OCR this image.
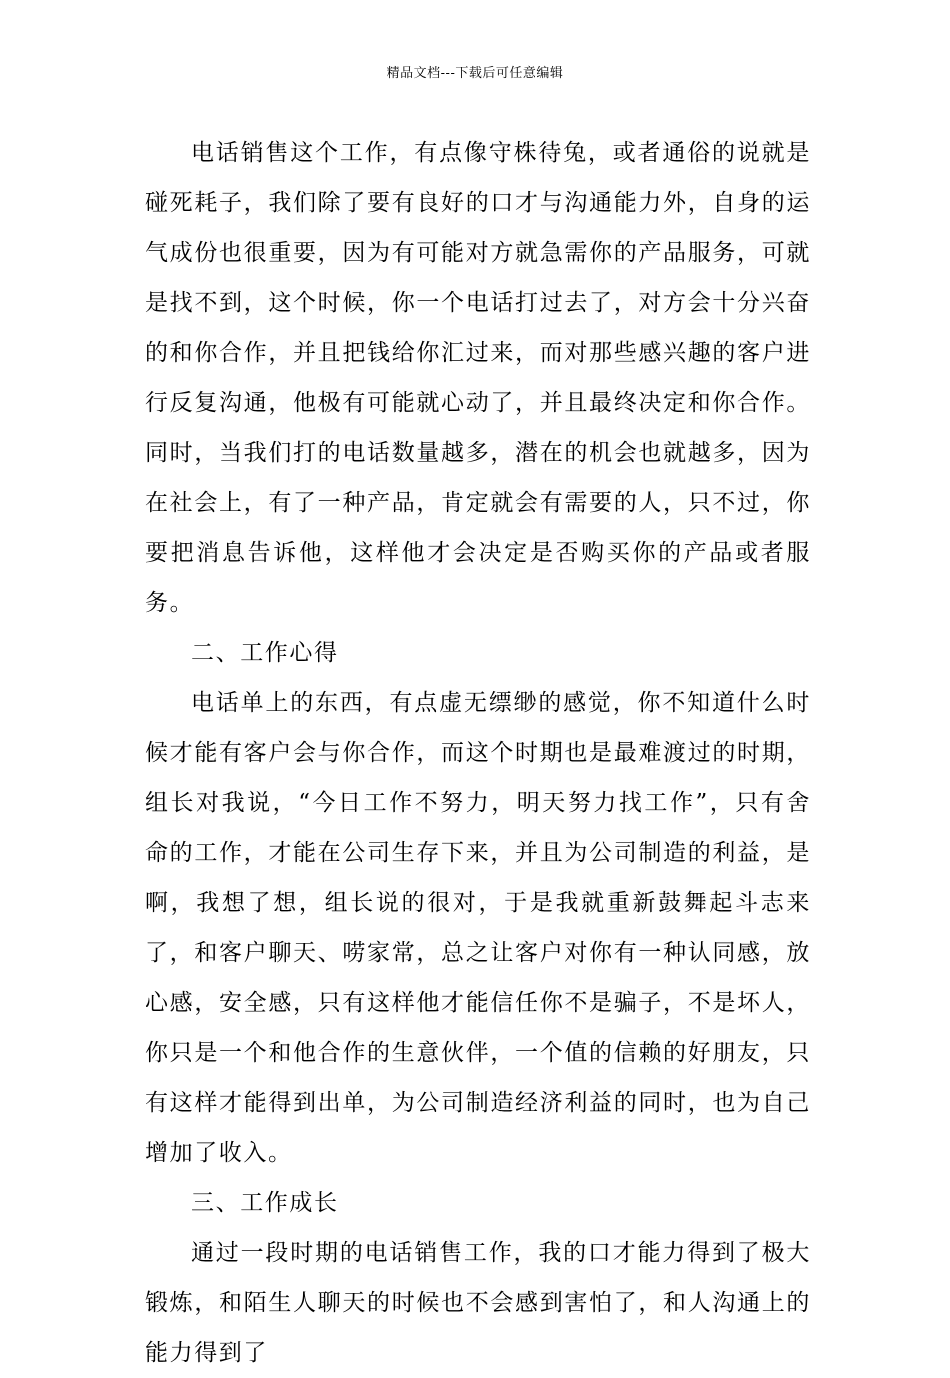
精品文档---下载后可任意编辑

电话销售这个工作，有点像守株待兔，或者通俗的说就是碰死耗子，我们除了要有良好的口才与沟通能力外，自身的运气成份也很重要，因为有可能对方就急需你的产品服务，可就是找不到，这个时候，你一个电话打过去了，对方会十分兴奋的和你合作，并且把钱给你汇过来，而对那些感兴趣的客户进行反复沟通，他极有可能就心动了，并且最终决定和你合作。同时，当我们打的电话数量越多，潜在的机会也就越多，因为在社会上，有了一种产品，肯定就会有需要的人，只不过，你要把消息告诉他，这样他才会决定是否购买你的产品或者服务。

二、工作心得

电话单上的东西，有点虚无缥缈的感觉，你不知道什么时候才能有客户会与你合作，而这个时期也是最难渡过的时期，组长对我说，“今日工作不努力，明天努力找工作”，只有舍命的工作，才能在公司生存下来，并且为公司制造的利益，是啊，我想了想，组长说的很对，于是我就重新鼓舞起斗志来了，和客户聊天、唠家常，总之让客户对你有一种认同感，放心感，安全感，只有这样他才能信任你不是骗子，不是坏人，你只是一个和他合作的生意伙伴，一个值的信赖的好朋友，只有这样才能得到出单，为公司制造经济利益的同时，也为自己增加了收入。

三、工作成长

通过一段时期的电话销售工作，我的口才能力得到了极大锻炼，和陌生人聊天的时候也不会感到害怕了，和人沟通上的能力得到了
